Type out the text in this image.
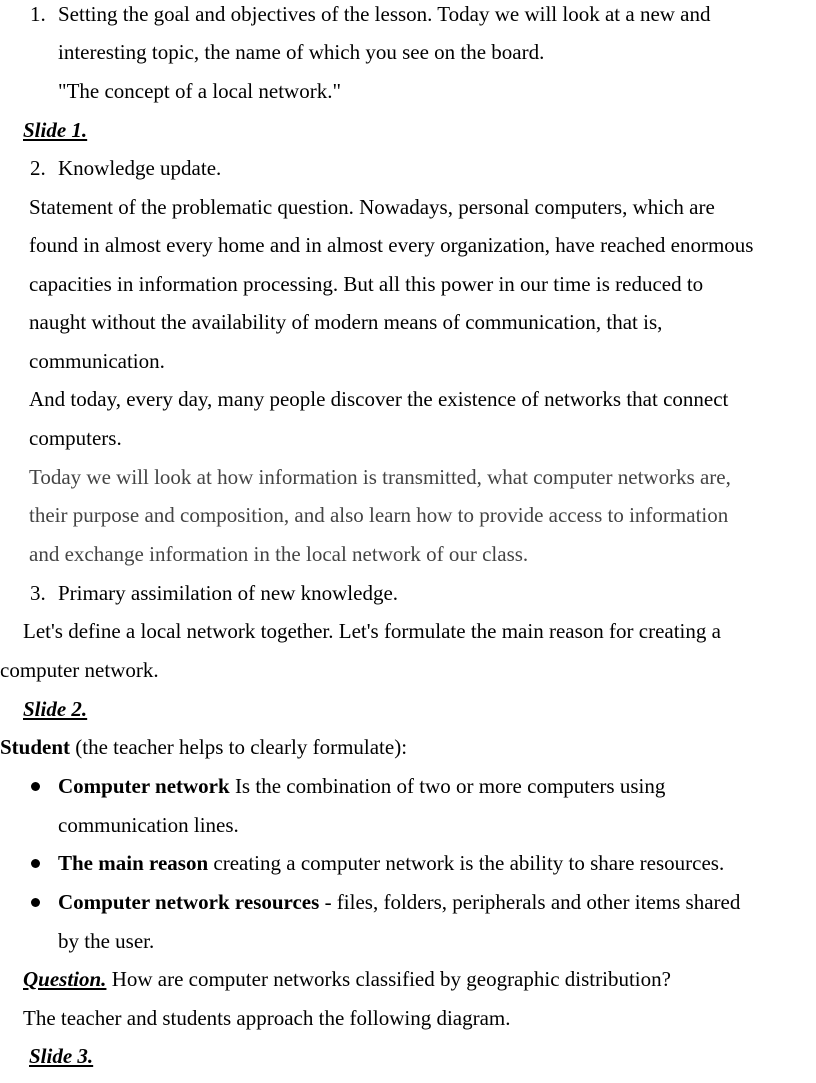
1. Setting the goal and objectives of the lesson. Today we will look at a new and
interesting topic, the name of which you see on the board.
"The concept of a local network."
Slide 1.
2. Knowledge update.
Statement of the problematic question. Nowadays, personal computers, which are
found in almost every home and in almost every organization, have reached enormous
capacities in information processing. But all this power in our time is reduced to
naught without the availability of modern means of communication, that is,
communication.
And today, every day, many people discover the existence of networks that connect
computers.
Today we will look at how information is transmitted, what computer networks are,
their purpose and composition, and also learn how to provide access to information
and exchange information in the local network of our class.
3. Primary assimilation of new knowledge.
Let's define a local network together. Let's formulate the main reason for creating a
computer network.
Slide 2.
Student (the teacher helps to clearly formulate):
Computer network Is the combination of two or more computers using
communication lines.
The main reason creating a computer network is the ability to share resources.
Computer network resources - files, folders, peripherals and other items shared
by the user.
Question. How are computer networks classified by geographic distribution?
The teacher and students approach the following diagram.
Slide 3.
